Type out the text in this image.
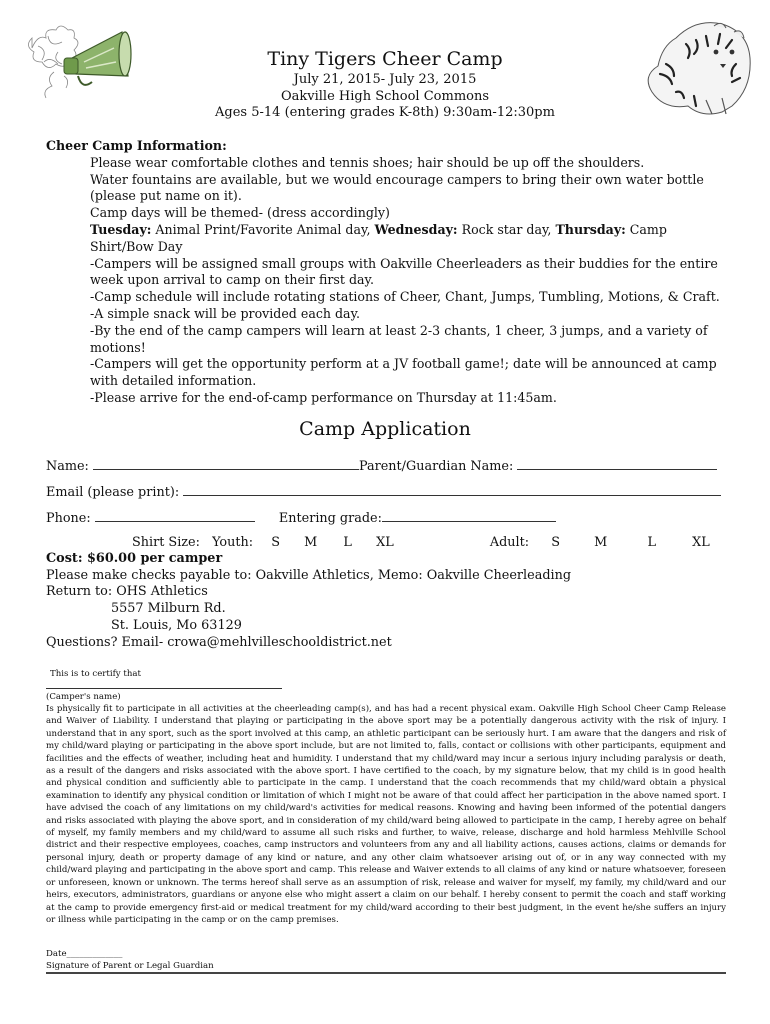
Tiny Tigers Cheer Camp
July 21, 2015- July 23, 2015
Oakville High School Commons
Ages 5-14 (entering grades K-8th) 9:30am-12:30pm
Cheer Camp Information:
Please wear comfortable clothes and tennis shoes; hair should be up off the shoulders.
Water fountains are available, but we would encourage campers to bring their own water bottle
(please put name on it).
Camp days will be themed- (dress accordingly)
Tuesday: Animal Print/Favorite Animal day, Wednesday: Rock star day, Thursday: Camp
Shirt/Bow Day
-Campers will be assigned small groups with Oakville Cheerleaders as their buddies for the entire
week upon arrival to camp on their first day.
-Camp schedule will include rotating stations of Cheer, Chant, Jumps, Tumbling, Motions, & Craft.
-A simple snack will be provided each day.
-By the end of the camp campers will learn at least 2-3 chants, 1 cheer, 3 jumps, and a variety of
motions!
-Campers will get the opportunity perform at a JV football game!; date will be announced at camp
with detailed information.
-Please arrive for the end-of-camp performance on Thursday at 11:45am.
Camp Application
Name:	Parent/Guardian Name:
Email (please print):
Phone:	Entering grade:
Shirt Size: Youth: S M L XL	Adult: S	M	L	XL
Cost: $60.00 per camper
Please make checks payable to: Oakville Athletics, Memo: Oakville Cheerleading
Return to: OHS Athletics
5557 Milburn Rd.
St. Louis, Mo 63129
Questions? Email- crowa@mehlvilleschooldistrict.net
This is to certify that
(Camper's name)
Is physically fit to participate in all activities at the cheerleading camp(s), and has had a recent physical exam. Oakville High School Cheer Camp Release and Waiver of Liability. I understand that playing or participating in the above sport may be a potentially dangerous activity with the risk of injury. I understand that in any sport, such as the sport involved at this camp, an athletic participant can be seriously hurt. I am aware that the dangers and risk of my child/ward playing or participating in the above sport include, but are not limited to, falls, contact or collisions with other participants, equipment and facilities and the effects of weather, including heat and humidity. I understand that my child/ward may incur a serious injury including paralysis or death, as a result of the dangers and risks associated with the above sport. I have certified to the coach, by my signature below, that my child is in good health and physical condition and sufficiently able to participate in the camp. I understand that the coach recommends that my child/ward obtain a physical examination to identify any physical condition or limitation of which I might not be aware of that could affect her participation in the above named sport. I have advised the coach of any limitations on my child/ward's activities for medical reasons. Knowing and having been informed of the potential dangers and risks associated with playing the above sport, and in consideration of my child/ward being allowed to participate in the camp, I hereby agree on behalf of myself, my family members and my child/ward to assume all such risks and further, to waive, release, discharge and hold harmless Mehlville School district and their respective employees, coaches, camp instructors and volunteers from any and all liability actions, causes actions, claims or demands for personal injury, death or property damage of any kind or nature, and any other claim whatsoever arising out of, or in any way connected with my child/ward playing and participating in the above sport and camp. This release and Waiver extends to all claims of any kind or nature whatsoever, foreseen or unforeseen, known or unknown. The terms hereof shall serve as an assumption of risk, release and waiver for myself, my family, my child/ward and our heirs, executors, administrators, guardians or anyone else who might assert a claim on our behalf. I hereby consent to permit the coach and staff working at the camp to provide emergency first-aid or medical treatment for my child/ward according to their best judgment, in the event he/she suffers an injury or illness while participating in the camp or on the camp premises.
Date_____________
Signature of Parent or Legal Guardian
